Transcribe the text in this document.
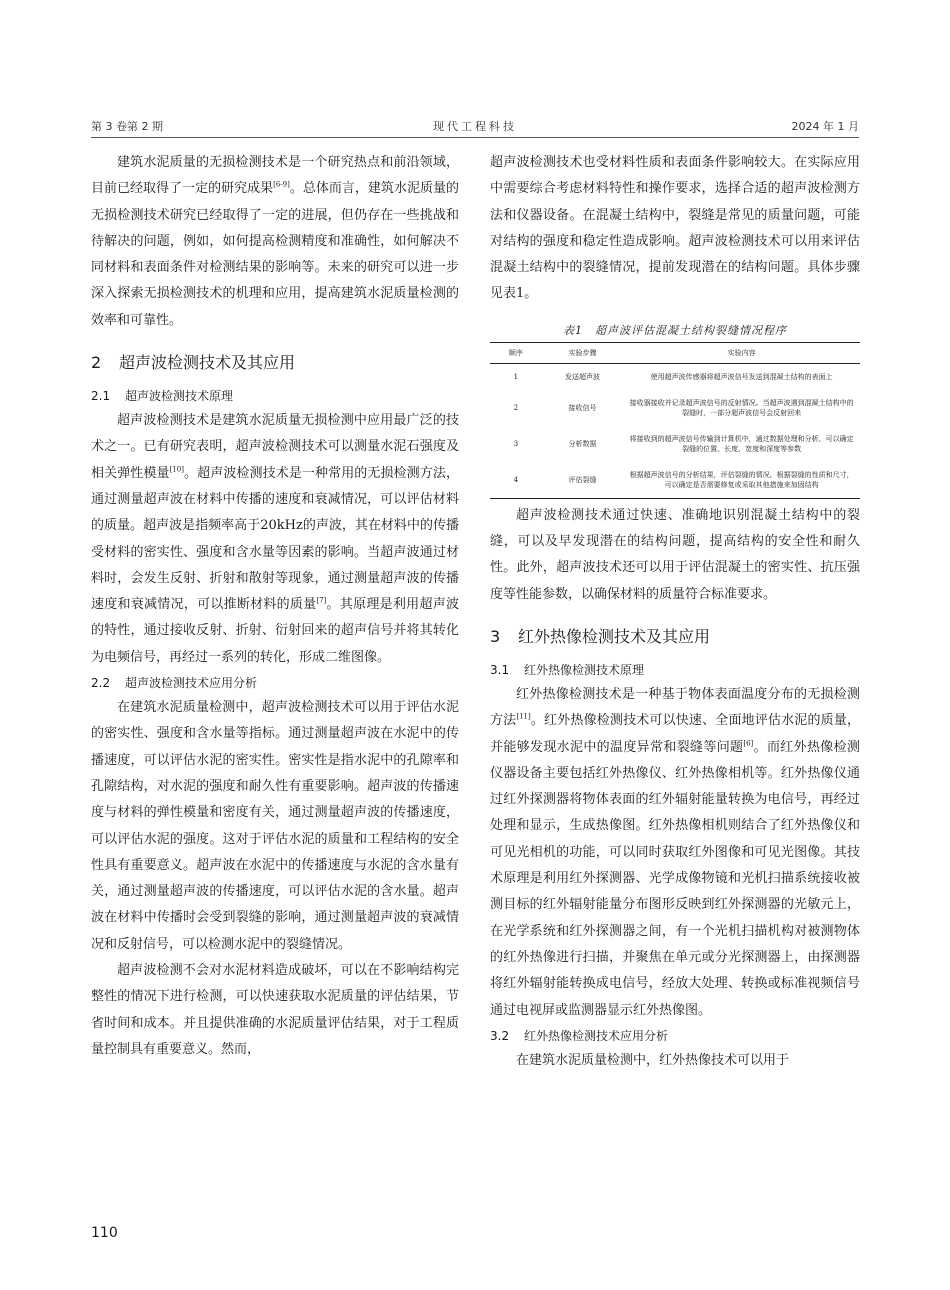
第 3 卷第 2 期	现代工程科技	2024 年 1 月

建筑水泥质量的无损检测技术是一个研究热点和前沿领域，目前已经取得了一定的研究成果[6-9]。总体而言，建筑水泥质量的无损检测技术研究已经取得了一定的进展，但仍存在一些挑战和待解决的问题，例如，如何提高检测精度和准确性，如何解决不同材料和表面条件对检测结果的影响等。未来的研究可以进一步深入探索无损检测技术的机理和应用，提高建筑水泥质量检测的效率和可靠性。

2 超声波检测技术及其应用
2.1 超声波检测技术原理

超声波检测技术是建筑水泥质量无损检测中应用最广泛的技术之一。已有研究表明，超声波检测技术可以测量水泥石强度及相关弹性模量[10]。超声波检测技术是一种常用的无损检测方法，通过测量超声波在材料中传播的速度和衰减情况，可以评估材料的质量。超声波是指频率高于20kHz的声波，其在材料中的传播受材料的密实性、强度和含水量等因素的影响。当超声波通过材料时，会发生反射、折射和散射等现象，通过测量超声波的传播速度和衰减情况，可以推断材料的质量[7]。其原理是利用超声波的特性，通过接收反射、折射、衍射回来的超声信号并将其转化为电频信号，再经过一系列的转化，形成二维图像。

2.2 超声波检测技术应用分析

在建筑水泥质量检测中，超声波检测技术可以用于评估水泥的密实性、强度和含水量等指标。通过测量超声波在水泥中的传播速度，可以评估水泥的密实性。密实性是指水泥中的孔隙率和孔隙结构，对水泥的强度和耐久性有重要影响。超声波的传播速度与材料的弹性模量和密度有关，通过测量超声波的传播速度，可以评估水泥的强度。这对于评估水泥的质量和工程结构的安全性具有重要意义。超声波在水泥中的传播速度与水泥的含水量有关，通过测量超声波的传播速度，可以评估水泥的含水量。超声波在材料中传播时会受到裂缝的影响，通过测量超声波的衰减情况和反射信号，可以检测水泥中的裂缝情况。

超声波检测不会对水泥材料造成破坏，可以在不影响结构完整性的情况下进行检测，可以快速获取水泥质量的评估结果，节省时间和成本。并且提供准确的水泥质量评估结果，对于工程质量控制具有重要意义。然而，

超声波检测技术也受材料性质和表面条件影响较大。在实际应用中需要综合考虑材料特性和操作要求，选择合适的超声波检测方法和仪器设备。在混凝土结构中，裂缝是常见的质量问题，可能对结构的强度和稳定性造成影响。超声波检测技术可以用来评估混凝土结构中的裂缝情况，提前发现潜在的结构问题。具体步骤见表1。

表1　超声波评估混凝土结构裂缝情况程序
顺序	实验步骤	实验内容
1	发送超声波	使用超声波传感器将超声波信号发送到混凝土结构的表面上
2	接收信号	接收器接收并记录超声波信号的反射情况。当超声波遇到混凝土结构中的裂缝时，一部分超声波信号会反射回来
3	分析数据	将接收到的超声波信号传输到计算机中，通过数据处理和分析，可以确定裂缝的位置、长度、宽度和深度等参数
4	评估裂缝	根据超声波信号的分析结果，评估裂缝的情况。根据裂缝的性质和尺寸，可以确定是否需要修复或采取其他措施来加固结构

超声波检测技术通过快速、准确地识别混凝土结构中的裂缝，可以及早发现潜在的结构问题，提高结构的安全性和耐久性。此外，超声波技术还可以用于评估混凝土的密实性、抗压强度等性能参数，以确保材料的质量符合标准要求。

3 红外热像检测技术及其应用
3.1 红外热像检测技术原理

红外热像检测技术是一种基于物体表面温度分布的无损检测方法[11]。红外热像检测技术可以快速、全面地评估水泥的质量，并能够发现水泥中的温度异常和裂缝等问题[6]。而红外热像检测仪器设备主要包括红外热像仪、红外热像相机等。红外热像仪通过红外探测器将物体表面的红外辐射能量转换为电信号，再经过处理和显示，生成热像图。红外热像相机则结合了红外热像仪和可见光相机的功能，可以同时获取红外图像和可见光图像。其技术原理是利用红外探测器、光学成像物镜和光机扫描系统接收被测目标的红外辐射能量分布图形反映到红外探测器的光敏元上，在光学系统和红外探测器之间，有一个光机扫描机构对被测物体的红外热像进行扫描，并聚焦在单元或分光探测器上，由探测器将红外辐射能转换成电信号，经放大处理、转换或标准视频信号通过电视屏或监测器显示红外热像图。

3.2 红外热像检测技术应用分析

在建筑水泥质量检测中，红外热像技术可以用于

110
